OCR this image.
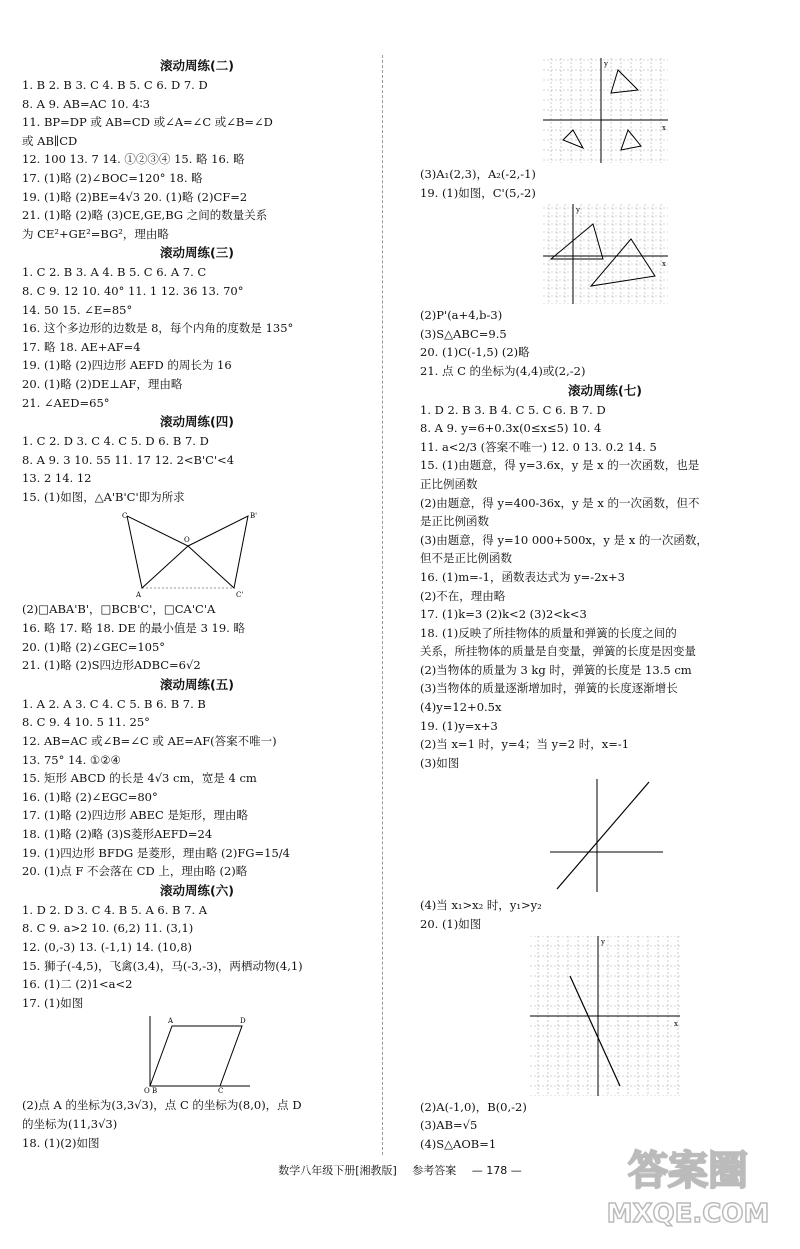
滚动周练(二)
1. B 2. B 3. C 4. B 5. C 6. D 7. D
8. A 9. AB=AC 10. 4∶3
11. BP=DP 或 AB=CD 或∠A=∠C 或∠B=∠D
或 AB∥CD
12. 100 13. 7 14. ①②③④ 15. 略 16. 略
17. (1)略 (2)∠BOC=120° 18. 略
19. (1)略 (2)BE=4√3 20. (1)略 (2)CF=2
21. (1)略 (2)略 (3)CE,GE,BG 之间的数量关系
为 CE²+GE²=BG²，理由略
滚动周练(三)
1. C 2. B 3. A 4. B 5. C 6. A 7. C
8. C 9. 12 10. 40° 11. 1 12. 36 13. 70°
14. 50 15. ∠E=85°
16. 这个多边形的边数是 8，每个内角的度数是 135°
17. 略 18. AE+AF=4
19. (1)略 (2)四边形 AEFD 的周长为 16
20. (1)略 (2)DE⊥AF，理由略
21. ∠AED=65°
滚动周练(四)
1. C 2. D 3. C 4. C 5. D 6. B 7. D
8. A 9. 3 10. 55 11. 17 12. 2<B'C'<4
13. 2 14. 12
15. (1)如图，△A'B'C'即为所求
C
A
B'
C'
O
(2)□ABA'B'，□BCB'C'，□CA'C'A
16. 略 17. 略 18. DE 的最小值是 3 19. 略
20. (1)略 (2)∠GEC=105°
21. (1)略 (2)S四边形ADBC=6√2
滚动周练(五)
1. A 2. A 3. C 4. C 5. B 6. B 7. B
8. C 9. 4 10. 5 11. 25°
12. AB=AC 或∠B=∠C 或 AE=AF(答案不唯一)
13. 75° 14. ①②④
15. 矩形 ABCD 的长是 4√3 cm，宽是 4 cm
16. (1)略 (2)∠EGC=80°
17. (1)略 (2)四边形 ABEC 是矩形，理由略
18. (1)略 (2)略 (3)S菱形AEFD=24
19. (1)四边形 BFDG 是菱形，理由略 (2)FG=15/4
20. (1)点 F 不会落在 CD 上，理由略 (2)略
滚动周练(六)
1. D 2. D 3. C 4. B 5. A 6. B 7. A
8. C 9. a>2 10. (6,2) 11. (3,1)
12. (0,-3) 13. (-1,1) 14. (10,8)
15. 狮子(-4,5)，飞禽(3,4)，马(-3,-3)，两栖动物(4,1)
16. (1)二 (2)1<a<2
17. (1)如图
A	D
O B	C
(2)点 A 的坐标为(3,3√3)，点 C 的坐标为(8,0)，点 D
的坐标为(11,3√3)
18. (1)(2)如图
x
y
(3)A₁(2,3)，A₂(-2,-1)
19. (1)如图，C'(5,-2)
x
y
(2)P'(a+4,b-3)
(3)S△ABC=9.5
20. (1)C(-1,5) (2)略
21. 点 C 的坐标为(4,4)或(2,-2)
滚动周练(七)
1. D 2. B 3. B 4. C 5. C 6. B 7. D
8. A 9. y=6+0.3x(0≤x≤5) 10. 4
11. a<2/3 (答案不唯一) 12. 0 13. 0.2 14. 5
15. (1)由题意，得 y=3.6x，y 是 x 的一次函数，也是
正比例函数
(2)由题意，得 y=400-36x，y 是 x 的一次函数，但不
是正比例函数
(3)由题意，得 y=10 000+500x，y 是 x 的一次函数，
但不是正比例函数
16. (1)m=-1，函数表达式为 y=-2x+3
(2)不在，理由略
17. (1)k=3 (2)k<2 (3)2<k<3
18. (1)反映了所挂物体的质量和弹簧的长度之间的
关系，所挂物体的质量是自变量，弹簧的长度是因变量
(2)当物体的质量为 3 kg 时，弹簧的长度是 13.5 cm
(3)当物体的质量逐渐增加时，弹簧的长度逐渐增长
(4)y=12+0.5x
19. (1)y=x+3
(2)当 x=1 时，y=4；当 y=2 时，x=-1
(3)如图
(4)当 x₁>x₂ 时，y₁>y₂
20. (1)如图
x
y
(2)A(-1,0)，B(0,-2)
(3)AB=√5
(4)S△AOB=1
数学八年级下册[湘教版] 参考答案 — 178 —	答案圈
MXQE.COM
